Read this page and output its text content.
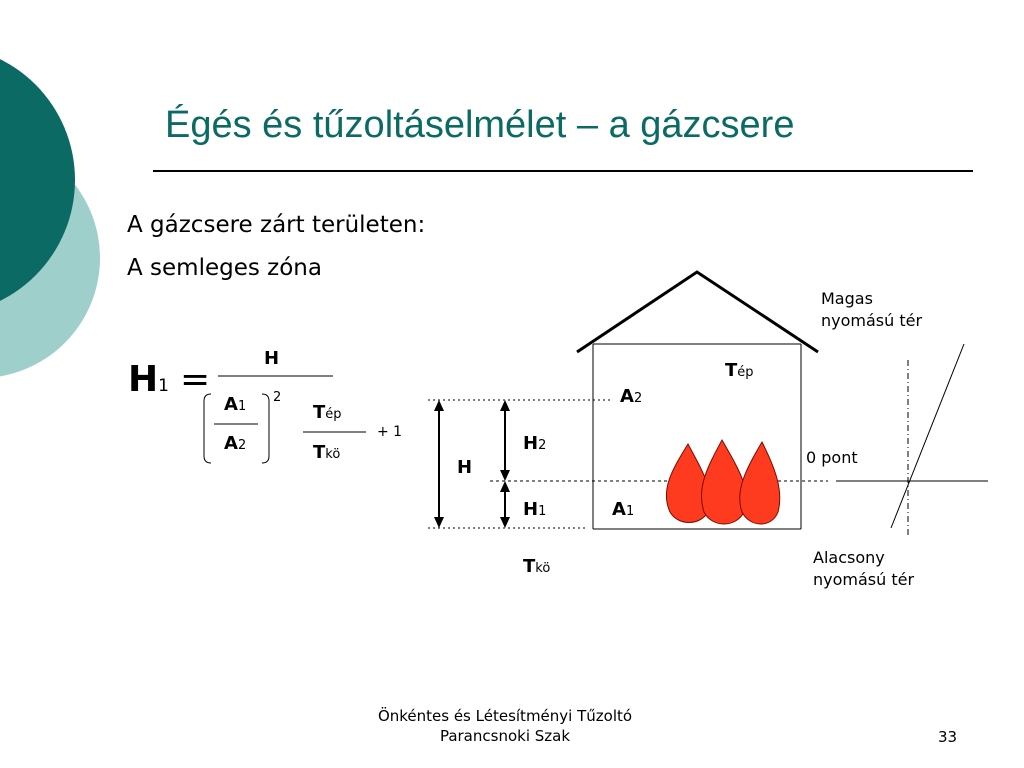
Égés és tűzoltáselmélet – a gázcsere
A gázcsere zárt területen:
A semleges zóna
H1 =
H
A1
A2
2
Tép
Tkö
+ 1
H
H2
H1
Tkö
A2
A1
Tép
Magas
nyomású tér
0 pont
Alacsony
nyomású tér
Önkéntes és Létesítményi Tűzoltó
Parancsnoki Szak	33
